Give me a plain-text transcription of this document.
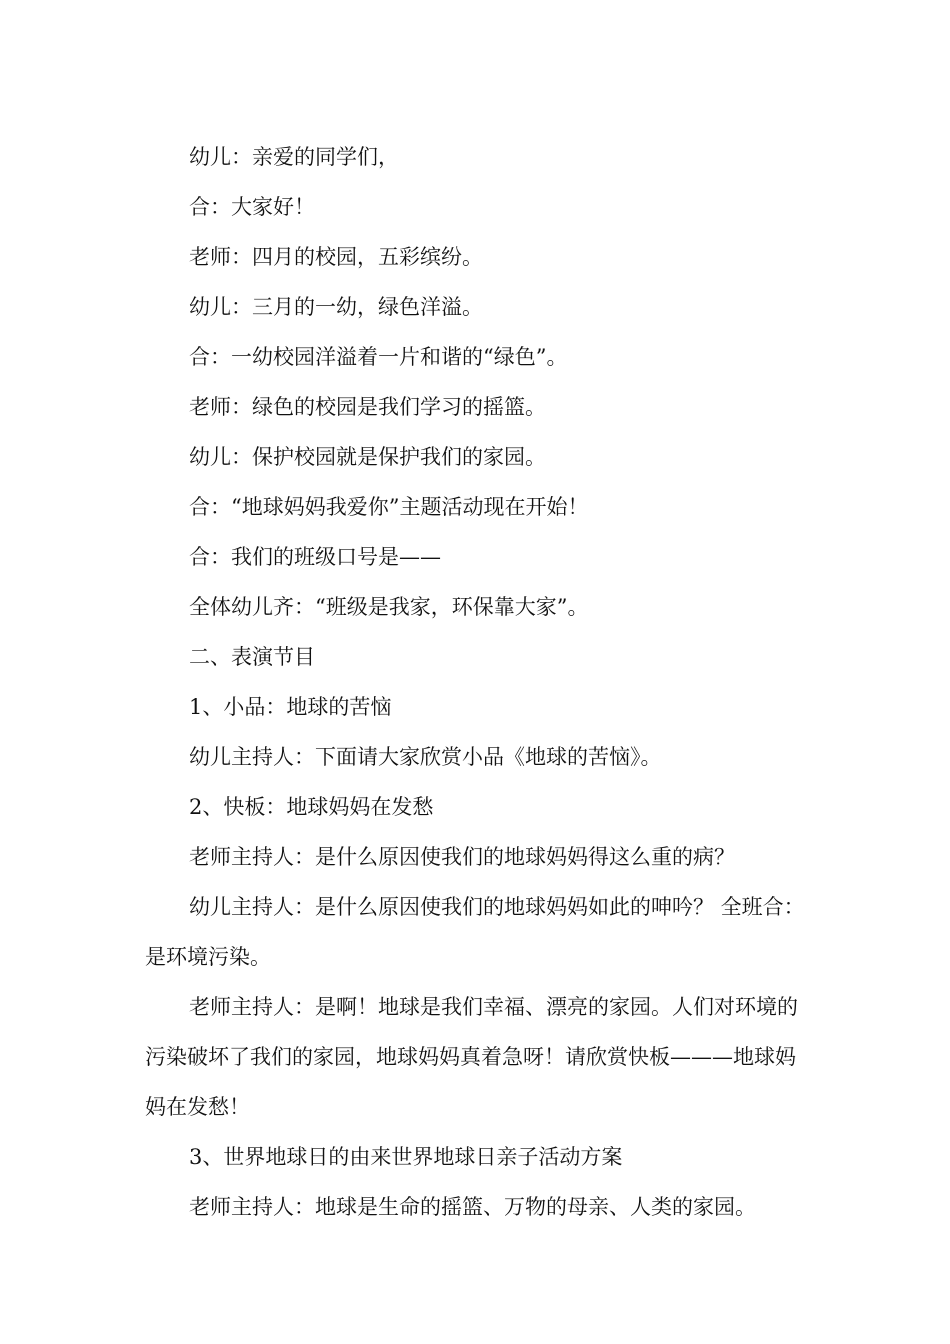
幼儿：亲爱的同学们，

合：大家好！

老师：四月的校园，五彩缤纷。

幼儿：三月的一幼，绿色洋溢。

合：一幼校园洋溢着一片和谐的“绿色”。

老师：绿色的校园是我们学习的摇篮。

幼儿：保护校园就是保护我们的家园。

合：“地球妈妈我爱你”主题活动现在开始！

合：我们的班级口号是——

全体幼儿齐：“班级是我家，环保靠大家”。

二、表演节目

1、小品：地球的苦恼

幼儿主持人：下面请大家欣赏小品《地球的苦恼》。

2、快板：地球妈妈在发愁

老师主持人：是什么原因使我们的地球妈妈得这么重的病？

幼儿主持人：是什么原因使我们的地球妈妈如此的呻吟？ 全班合：是环境污染。

老师主持人：是啊！地球是我们幸福、漂亮的家园。人们对环境的污染破坏了我们的家园，地球妈妈真着急呀！请欣赏快板———地球妈妈在发愁！

3、世界地球日的由来世界地球日亲子活动方案

老师主持人：地球是生命的摇篮、万物的母亲、人类的家园。
